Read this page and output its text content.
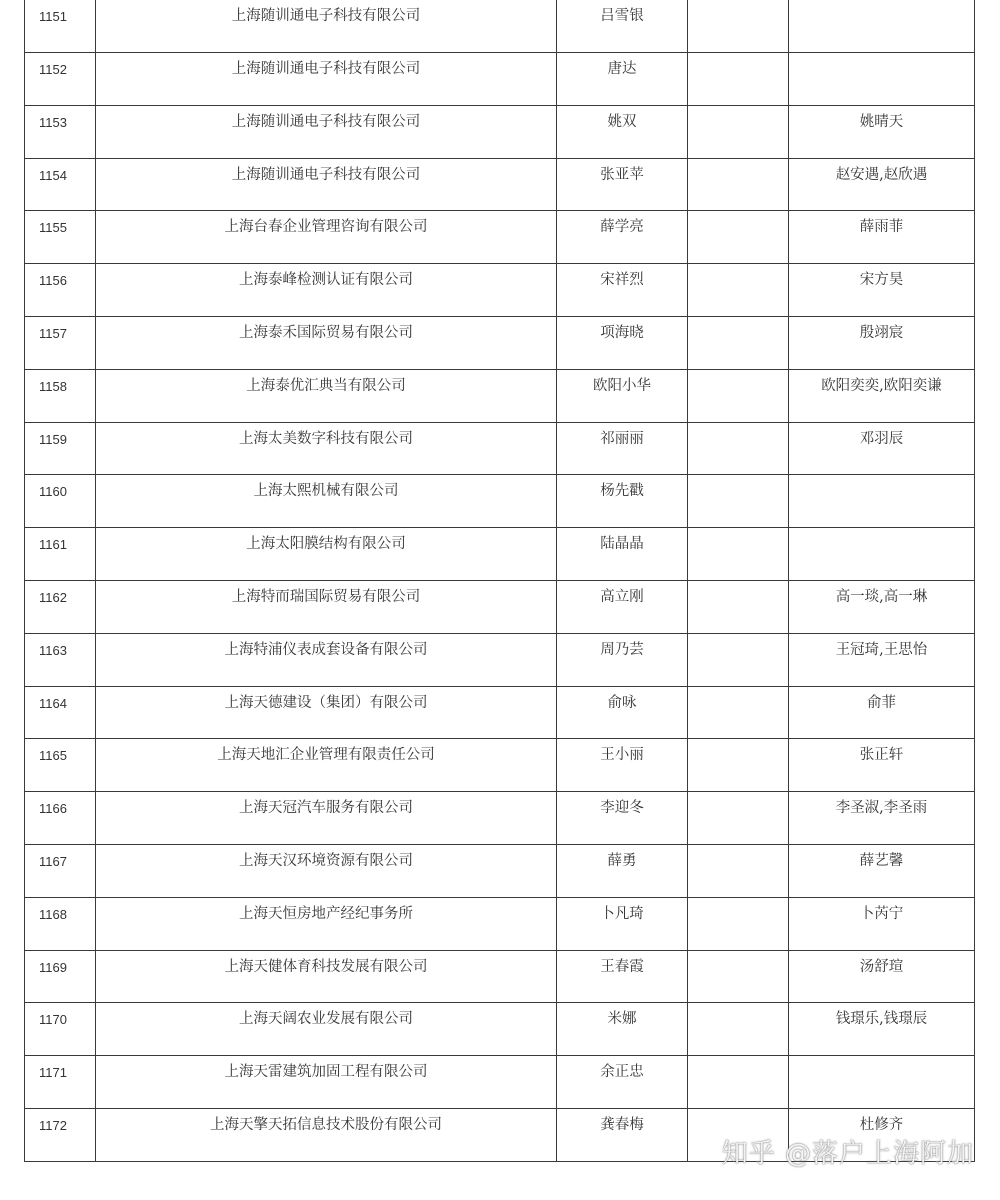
1151	上海随训通电子科技有限公司	吕雪银		

1152	上海随训通电子科技有限公司	唐达		

1153	上海随训通电子科技有限公司	姚双		姚晴天

1154	上海随训通电子科技有限公司	张亚苹		赵安遇,赵欣遇

1155	上海台春企业管理咨询有限公司	薛学亮		薛雨菲

1156	上海泰峰检测认证有限公司	宋祥烈		宋方昊

1157	上海泰禾国际贸易有限公司	项海晓		殷翊宸

1158	上海泰优汇典当有限公司	欧阳小华		欧阳奕奕,欧阳奕谦

1159	上海太美数字科技有限公司	祁丽丽		邓羽辰

1160	上海太熙机械有限公司	杨先戳		

1161	上海太阳膜结构有限公司	陆晶晶		

1162	上海特而瑞国际贸易有限公司	高立刚		高一琰,高一琳

1163	上海特浦仪表成套设备有限公司	周乃芸		王冠琦,王思怡

1164	上海天德建设（集团）有限公司	俞咏		俞菲

1165	上海天地汇企业管理有限责任公司	王小丽		张正轩

1166	上海天冠汽车服务有限公司	李迎冬		李圣淑,李圣雨

1167	上海天汉环境资源有限公司	薛勇		薛艺馨

1168	上海天恒房地产经纪事务所	卜凡琦		卜芮宁

1169	上海天健体育科技发展有限公司	王春霞		汤舒瑄

1170	上海天阔农业发展有限公司	米娜		钱璟乐,钱璟辰

1171	上海天雷建筑加固工程有限公司	余正忠		

1172	上海天擎天拓信息技术股份有限公司	龚春梅		杜修齐
知乎 @落户上海阿加
